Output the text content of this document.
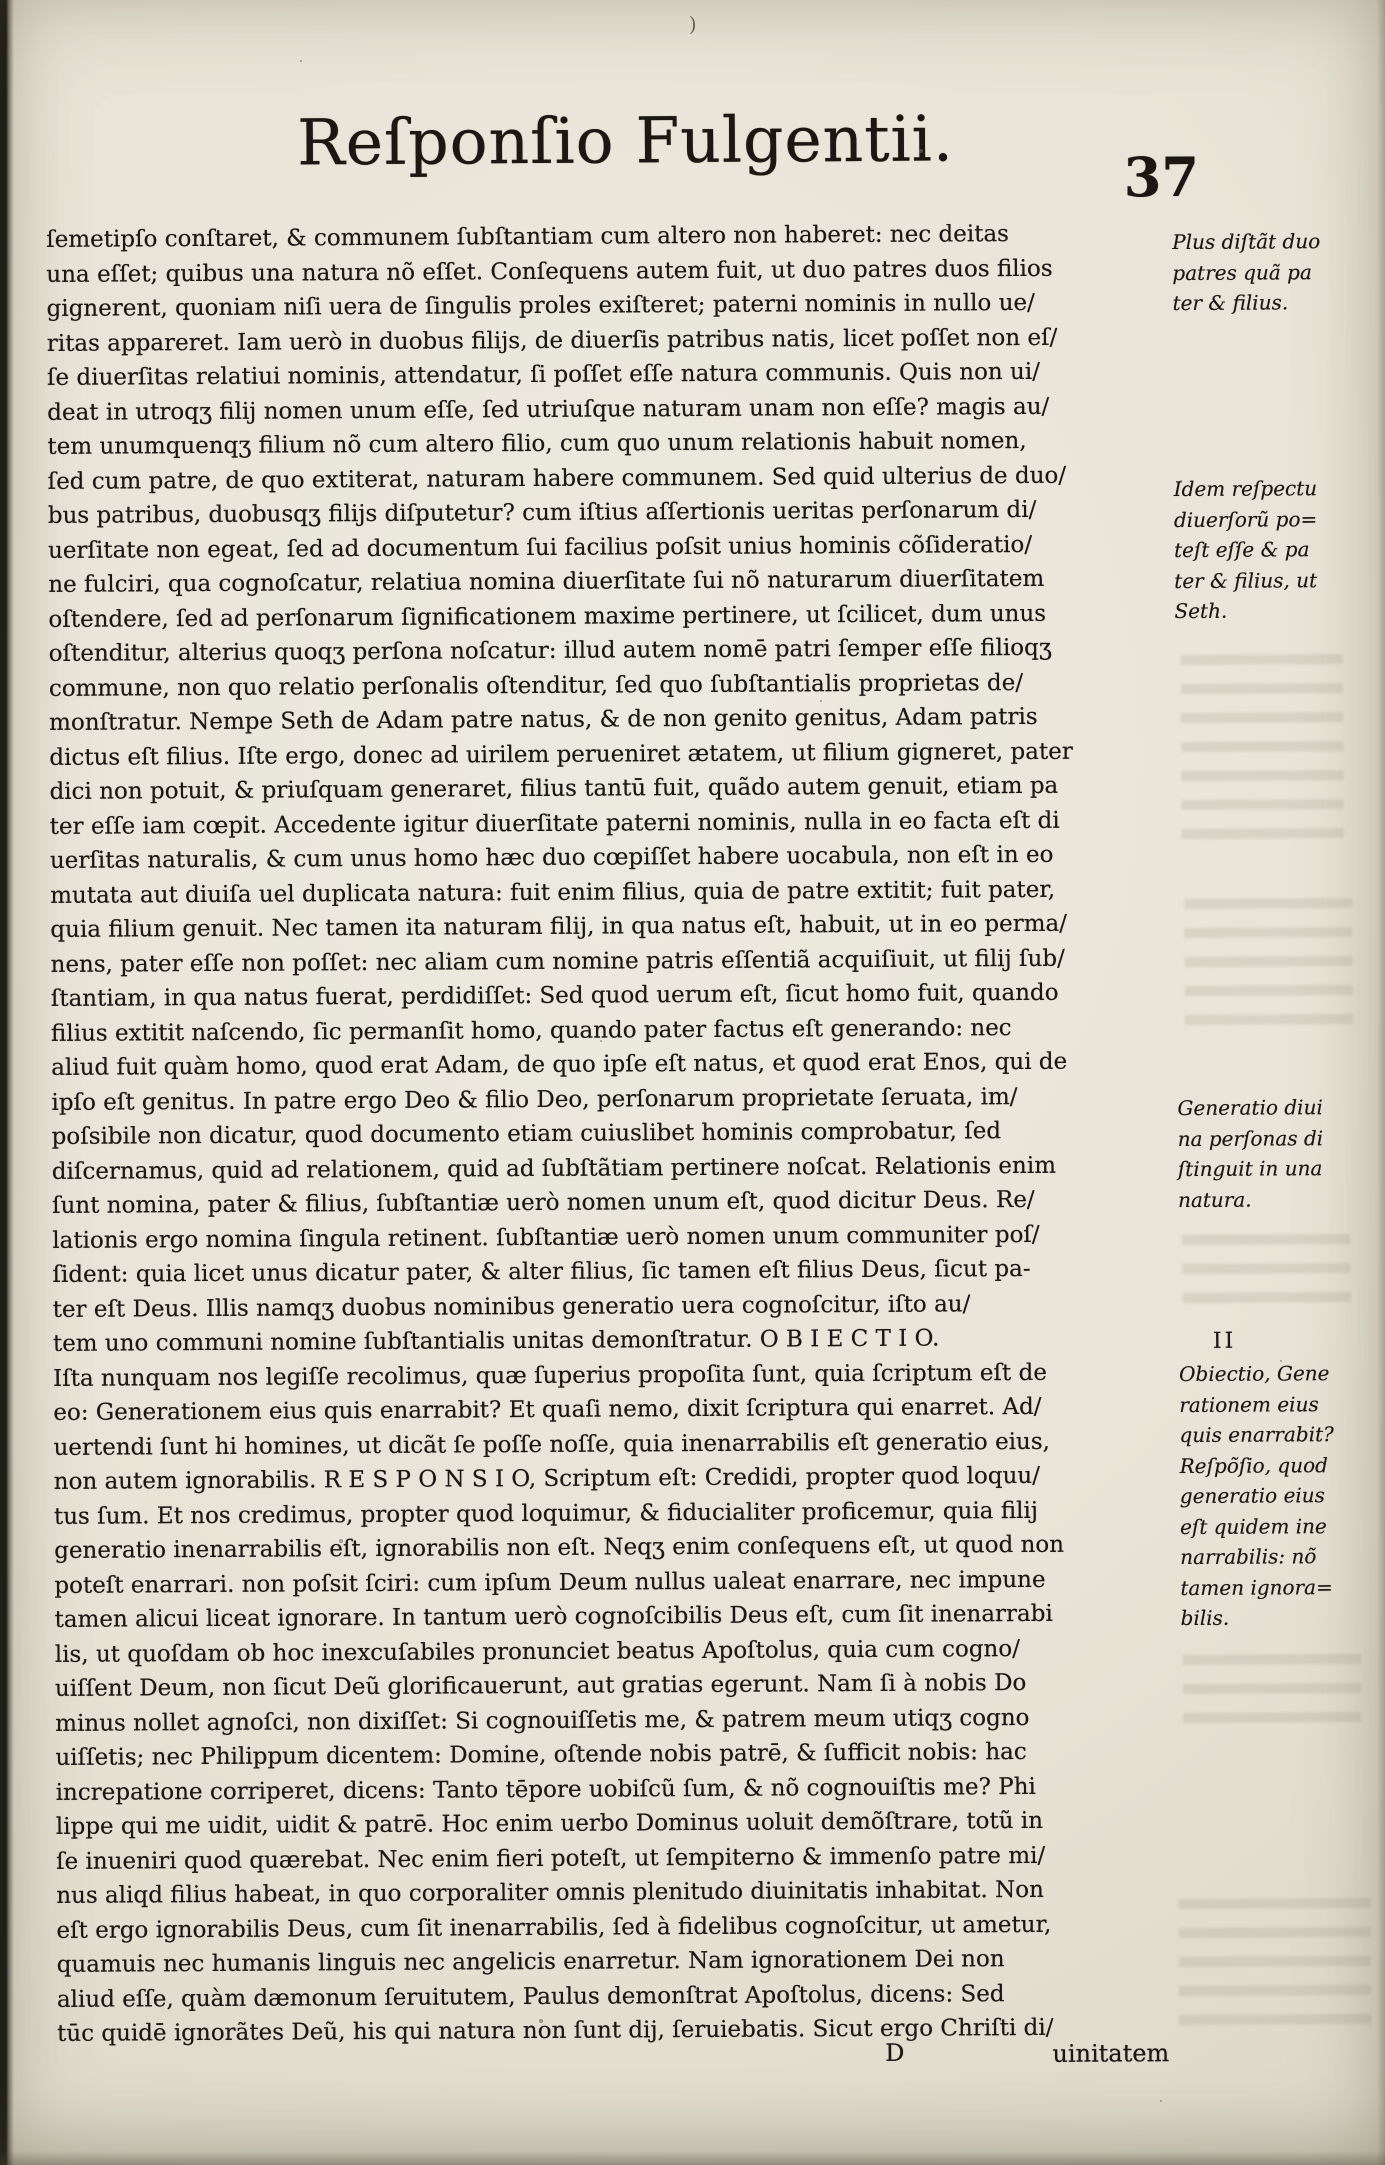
)
Reſponſio Fulgentii.	37
ſemetipſo conſtaret, & communem ſubſtantiam cum altero non haberet: nec deitas
una eſſet; quibus una natura nõ eſſet. Conſequens autem fuit, ut duo patres duos filios
gignerent, quoniam niſi uera de ſingulis proles exiſteret; paterni nominis in nullo ue/
ritas appareret. Iam uerò in duobus filijs, de diuerſis patribus natis, licet poſſet non eſ/
ſe diuerſitas relatiui nominis, attendatur, ſi poſſet eſſe natura communis. Quis non ui/
deat in utroqʒ filij nomen unum eſſe, ſed utriuſque naturam unam non eſſe? magis au/
tem unumquenqʒ filium nõ cum altero filio, cum quo unum relationis habuit nomen,
ſed cum patre, de quo extiterat, naturam habere communem. Sed quid ulterius de duo/
bus patribus, duobusqʒ filijs diſputetur? cum iſtius aſſertionis ueritas perſonarum di/
uerſitate non egeat, ſed ad documentum ſui facilius poſsit unius hominis cõſideratio/
ne fulciri, qua cognoſcatur, relatiua nomina diuerſitate ſui nõ naturarum diuerſitatem
oſtendere, ſed ad perſonarum ſignificationem maxime pertinere, ut ſcilicet, dum unus
oſtenditur, alterius quoqʒ perſona noſcatur: illud autem nomē patri ſemper eſſe filioqʒ
commune, non quo relatio perſonalis oſtenditur, ſed quo ſubſtantialis proprietas de/
monſtratur. Nempe Seth de Adam patre natus, & de non genito genitus, Adam patris
dictus eſt filius. Iſte ergo, donec ad uirilem perueniret ætatem, ut filium gigneret, pater
dici non potuit, & priuſquam generaret, filius tantū fuit, quãdo autem genuit, etiam pa
ter eſſe iam cœpit. Accedente igitur diuerſitate paterni nominis, nulla in eo facta eſt di
uerſitas naturalis, & cum unus homo hæc duo cœpiſſet habere uocabula, non eſt in eo
mutata aut diuiſa uel duplicata natura: fuit enim filius, quia de patre extitit; fuit pater,
quia filium genuit. Nec tamen ita naturam filij, in qua natus eſt, habuit, ut in eo perma/
nens, pater eſſe non poſſet: nec aliam cum nomine patris eſſentiã acquiſiuit, ut filij ſub/
ſtantiam, in qua natus fuerat, perdidiſſet: Sed quod uerum eſt, ſicut homo fuit, quando
filius extitit naſcendo, ſic permanſit homo, quando pater factus eſt generando: nec
aliud fuit quàm homo, quod erat Adam, de quo ipſe eſt natus, et quod erat Enos, qui de
ipſo eſt genitus. In patre ergo Deo & filio Deo, perſonarum proprietate ſeruata, im/
poſsibile non dicatur, quod documento etiam cuiuslibet hominis comprobatur, ſed
diſcernamus, quid ad relationem, quid ad ſubſtãtiam pertinere noſcat. Relationis enim
ſunt nomina, pater & filius, ſubſtantiæ uerò nomen unum eſt, quod dicitur Deus. Re/
lationis ergo nomina ſingula retinent. ſubſtantiæ uerò nomen unum communiter poſ/
ſident: quia licet unus dicatur pater, & alter filius, ſic tamen eſt filius Deus, ſicut pa-
ter eſt Deus. Illis namqʒ duobus nominibus generatio uera cognoſcitur, iſto au/
tem uno communi nomine ſubſtantialis unitas demonſtratur. O B I E C T I O.
Iſta nunquam nos legiſſe recolimus, quæ ſuperius propoſita ſunt, quia ſcriptum eſt de
eo: Generationem eius quis enarrabit? Et quaſi nemo, dixit ſcriptura qui enarret. Ad/
uertendi ſunt hi homines, ut dicãt ſe poſſe noſſe, quia inenarrabilis eſt generatio eius,
non autem ignorabilis. R E S P O N S I O, Scriptum eſt: Credidi, propter quod loquu/
tus ſum. Et nos credimus, propter quod loquimur, & fiducialiter proficemur, quia filij
generatio inenarrabilis eſt, ignorabilis non eſt. Neqʒ enim conſequens eſt, ut quod non
poteſt enarrari. non poſsit ſciri: cum ipſum Deum nullus ualeat enarrare, nec impune
tamen alicui liceat ignorare. In tantum uerò cognoſcibilis Deus eſt, cum ſit inenarrabi
lis, ut quoſdam ob hoc inexcuſabiles pronunciet beatus Apoſtolus, quia cum cogno/
uiſſent Deum, non ſicut Deũ glorificauerunt, aut gratias egerunt. Nam ſi à nobis Do
minus nollet agnoſci, non dixiſſet: Si cognouiſſetis me, & patrem meum utiqʒ cogno
uiſſetis; nec Philippum dicentem: Domine, oſtende nobis patrē, & ſufficit nobis: hac
increpatione corriperet, dicens: Tanto tēpore uobiſcũ ſum, & nõ cognouiſtis me? Phi
lippe qui me uidit, uidit & patrē. Hoc enim uerbo Dominus uoluit demõſtrare, totũ in
ſe inueniri quod quærebat. Nec enim fieri poteſt, ut ſempiterno & immenſo patre mi/
nus aliqd filius habeat, in quo corporaliter omnis plenitudo diuinitatis inhabitat. Non
eſt ergo ignorabilis Deus, cum ſit inenarrabilis, ſed à fidelibus cognoſcitur, ut ametur,
quamuis nec humanis linguis nec angelicis enarretur. Nam ignorationem Dei non
aliud eſſe, quàm dæmonum ſeruitutem, Paulus demonſtrat Apoſtolus, dicens: Sed
tūc quidē ignorãtes Deũ, his qui natura non ſunt dij, ſeruiebatis. Sicut ergo Chriſti di/
Plus diſtãt duo
patres quã pa
ter & filius.
Idem reſpectu
diuerſorũ po=
teſt eſſe & pa
ter & filius, ut
Seth.
Generatio diui
na perſonas di
ſtinguit in una
natura.
II
Obiectio, Gene
rationem eius
quis enarrabit?
Reſpõſio, quod
generatio eius
eſt quidem ine
narrabilis: nõ
tamen ignora=
bilis.
D	uinitatem
